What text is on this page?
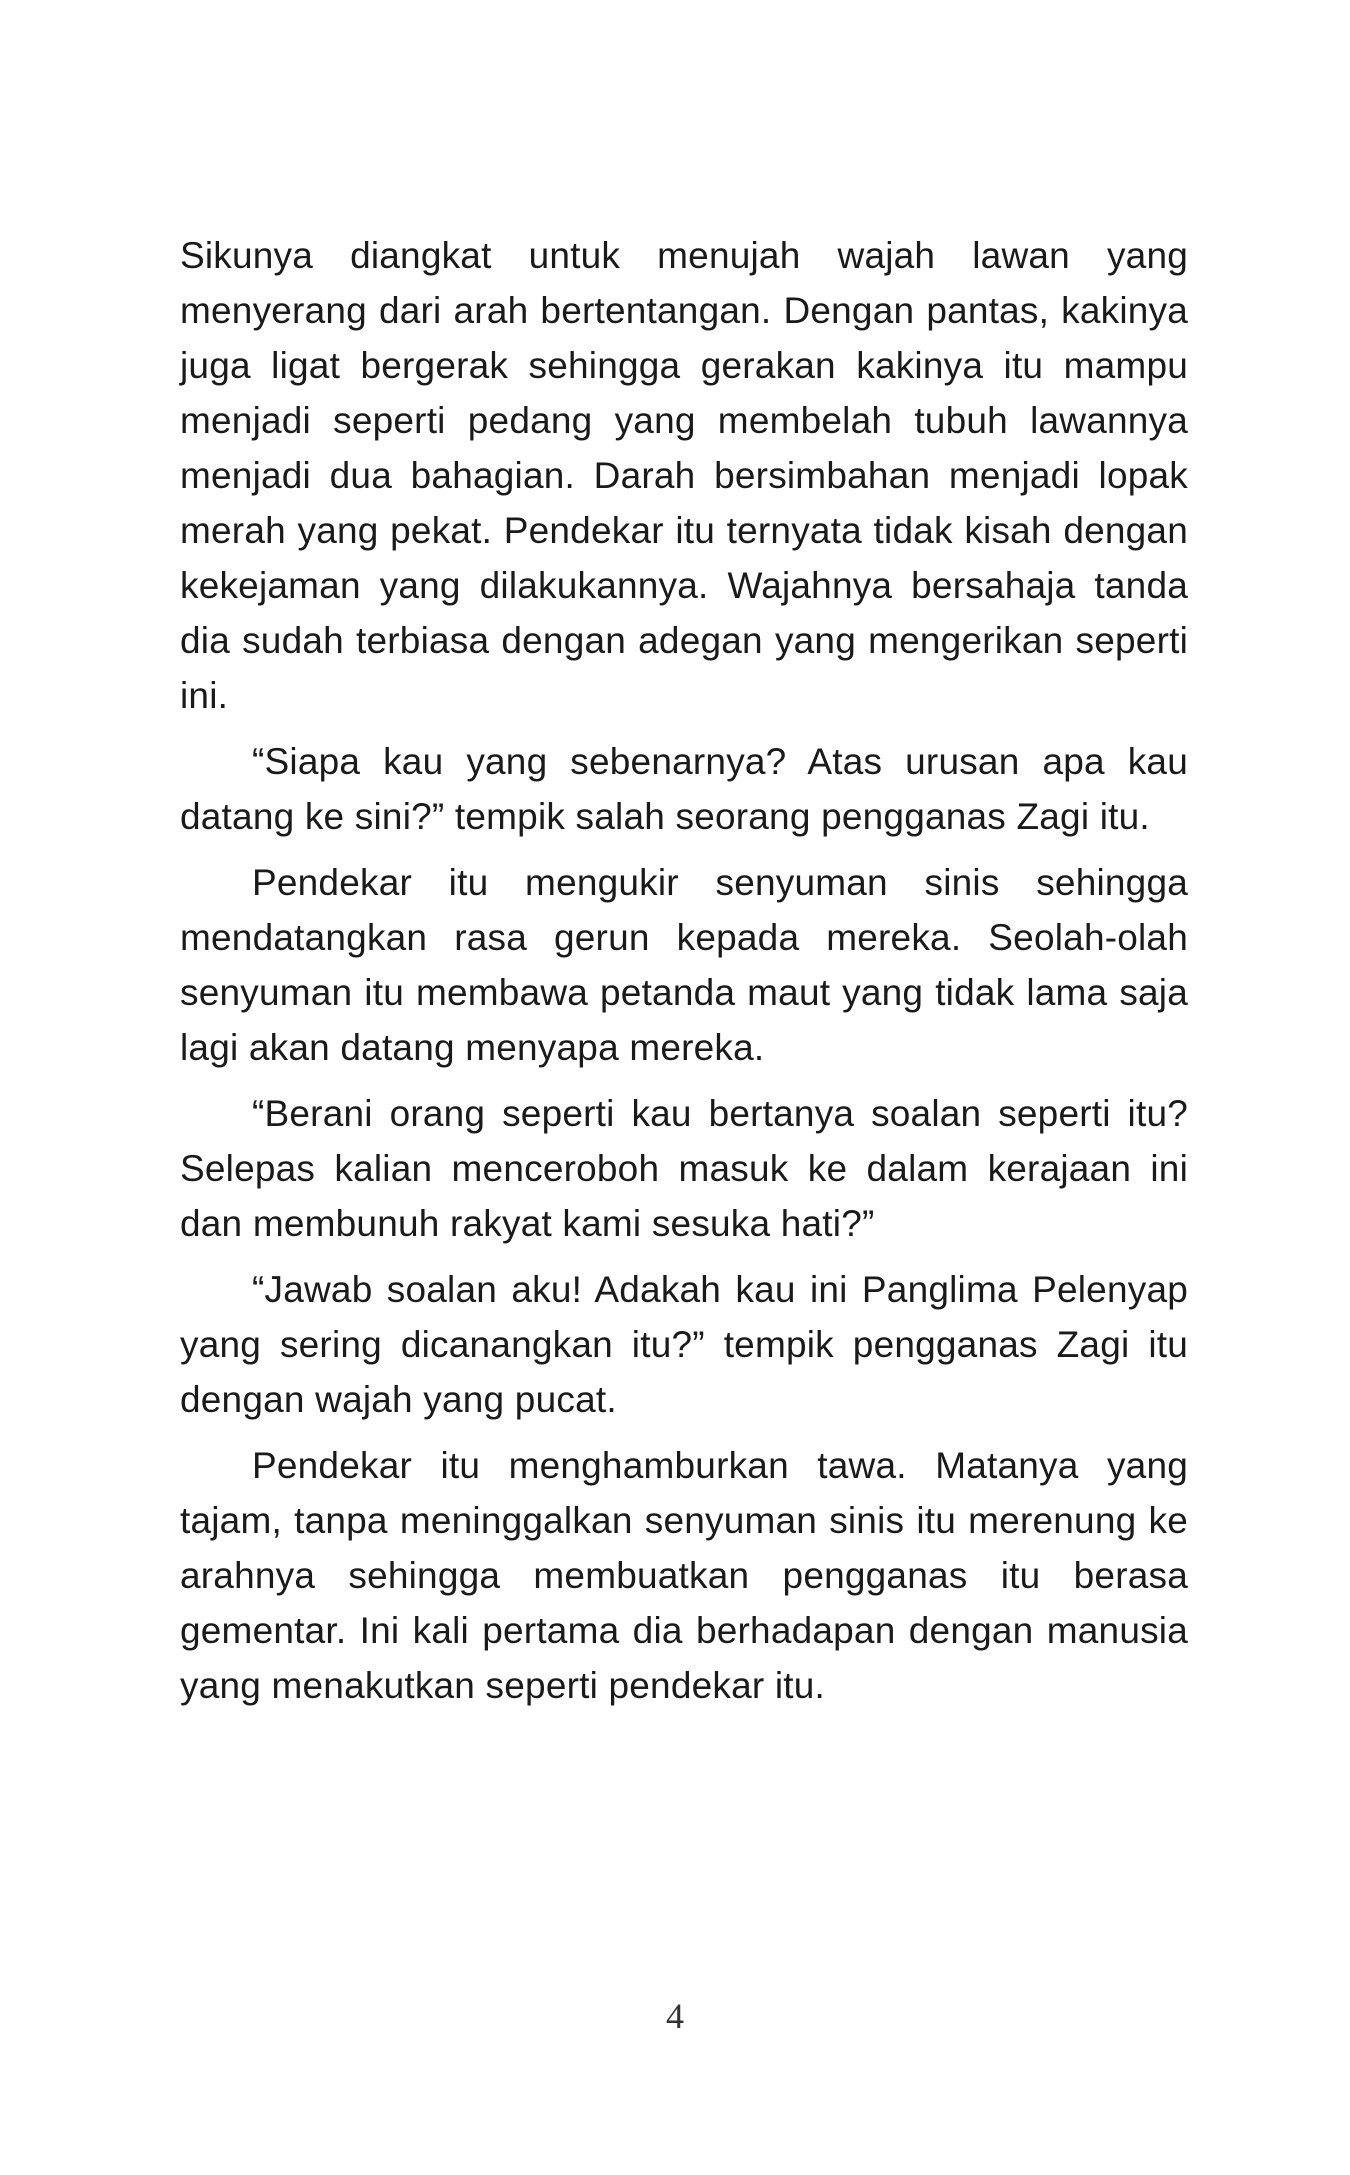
Sikunya diangkat untuk menujah wajah lawan yang menyerang dari arah bertentangan. Dengan pantas, kakinya juga ligat bergerak sehingga gerakan kakinya itu mampu menjadi seperti pedang yang membelah tubuh lawannya menjadi dua bahagian. Darah bersimbahan menjadi lopak merah yang pekat. Pendekar itu ternyata tidak kisah dengan kekejaman yang dilakukannya. Wajahnya bersahaja tanda dia sudah terbiasa dengan adegan yang mengerikan seperti ini.

“Siapa kau yang sebenarnya? Atas urusan apa kau datang ke sini?” tempik salah seorang pengganas Zagi itu.

Pendekar itu mengukir senyuman sinis sehingga mendatangkan rasa gerun kepada mereka. Seolah-olah senyuman itu membawa petanda maut yang tidak lama saja lagi akan datang menyapa mereka.

“Berani orang seperti kau bertanya soalan seperti itu? Selepas kalian menceroboh masuk ke dalam kerajaan ini dan membunuh rakyat kami sesuka hati?”

“Jawab soalan aku! Adakah kau ini Panglima Pelenyap yang sering dicanangkan itu?” tempik pengganas Zagi itu dengan wajah yang pucat.

Pendekar itu menghamburkan tawa. Matanya yang tajam, tanpa meninggalkan senyuman sinis itu merenung ke arahnya sehingga membuatkan pengganas itu berasa gementar. Ini kali pertama dia berhadapan dengan manusia yang menakutkan seperti pendekar itu.

4
